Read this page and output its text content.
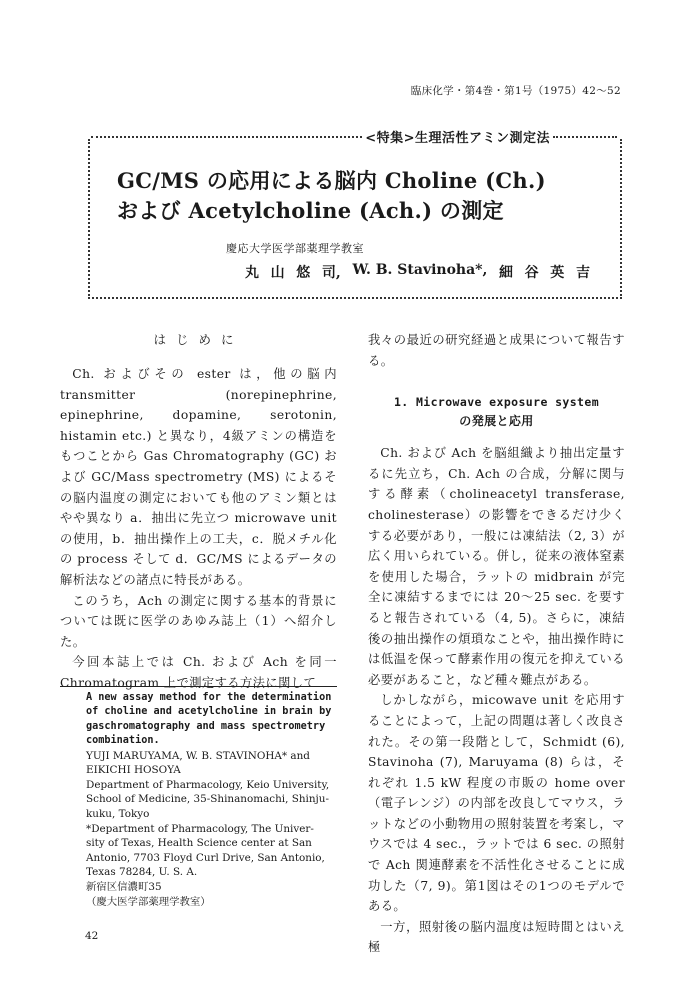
臨床化学・第4巻・第1号（1975）42〜52
<特集>生理活性アミン測定法
GC/MS の応用による脳内 Choline (Ch.)
および Acetylcholine (Ach.) の測定
慶応大学医学部薬理学教室
丸 山 悠 司, W. B. Stavinoha*, 細 谷 英 吉

はじめに

Ch. およびその ester は，他の脳内 transmitter (norepinephrine, epinephrine, dopamine, serotonin, histamin etc.) と異なり，4級アミンの構造をもつことから Gas Chromatography (GC) および GC/Mass spectrometry (MS) によるその脳内温度の測定においても他のアミン類とはやや異なり a．抽出に先立つ microwave unit の使用，b．抽出操作上の工夫，c．脱メチル化の process そして d．GC/MS によるデータの解析法などの諸点に特長がある。

このうち，Ach の測定に関する基本的背景については既に医学のあゆみ誌上（1）へ紹介した。

今回本誌上では Ch. および Ach を同一 Chromatogram 上で測定する方法に関して

A new assay method for the determination of choline and acetylcholine in brain by gaschromatography and mass spectrometry combination.
YUJI MARUYAMA, W. B. STAVINOHA* and
EIKICHI HOSOYA
Department of Pharmacology, Keio University,
School of Medicine, 35-Shinanomachi, Shinju-
kuku, Tokyo
*Department of Pharmacology, The Univer-
sity of Texas, Health Science center at San
Antonio, 7703 Floyd Curl Drive, San Antonio,
Texas 78284, U. S. A.
新宿区信濃町35
（慶大医学部薬理学教室）

我々の最近の研究経過と成果について報告する。

1. Microwave exposure system
の発展と応用

Ch. および Ach を脳組織より抽出定量するに先立ち，Ch. Ach の合成，分解に関与する酵素（cholineacetyl transferase, cholinesterase）の影響をできるだけ少くする必要があり，一般には凍結法（2, 3）が広く用いられている。併し，従来の液体窒素を使用した場合，ラットの midbrain が完全に凍結するまでには 20〜25 sec. を要すると報告されている（4, 5)。さらに，凍結後の抽出操作の煩瑣なことや，抽出操作時には低温を保って酵素作用の復元を抑えている必要があること，など種々難点がある。

しかしながら，micowave unit を応用することによって，上記の問題は著しく改良された。その第一段階として，Schmidt (6), Stavinoha (7), Maruyama (8) らは，それぞれ 1.5 kW 程度の市販の home over（電子レンジ）の内部を改良してマウス，ラットなどの小動物用の照射装置を考案し，マウスでは 4 sec.，ラットでは 6 sec. の照射で Ach 関連酵素を不活性化させることに成功した（7, 9)。第1図はその1つのモデルである。

一方，照射後の脳内温度は短時間とはいえ極

42
